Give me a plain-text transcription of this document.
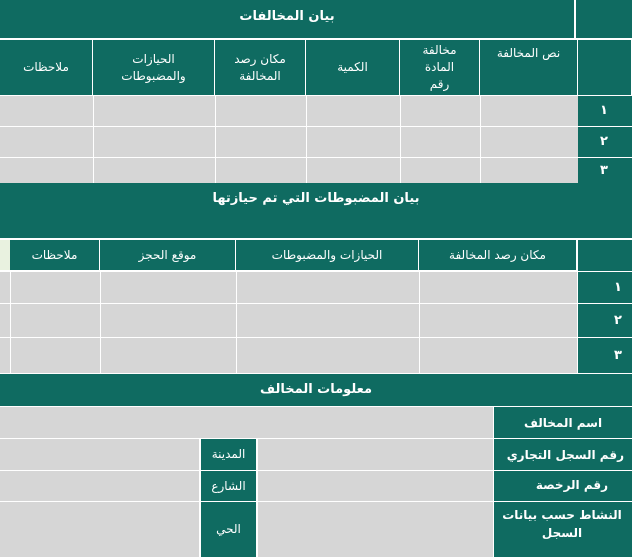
بيان المخالفات
نص المخالفة
مخالفة المادة رقم
الكمية
مكان رصد المخالفة
الحيازات والمضبوطات
ملاحظات
١
٢
٣
بيان المضبوطات التي تم حيازتها
مكان رصد المخالفة
الحيازات والمضبوطات
موقع الحجز
ملاحظات
١
٢
٣
معلومات المخالف
اسم المخالف
المدينة	رقم السجل التجاري
الشارع	رقم الرخصة
الحي
النشاط حسب بيانات السجل
